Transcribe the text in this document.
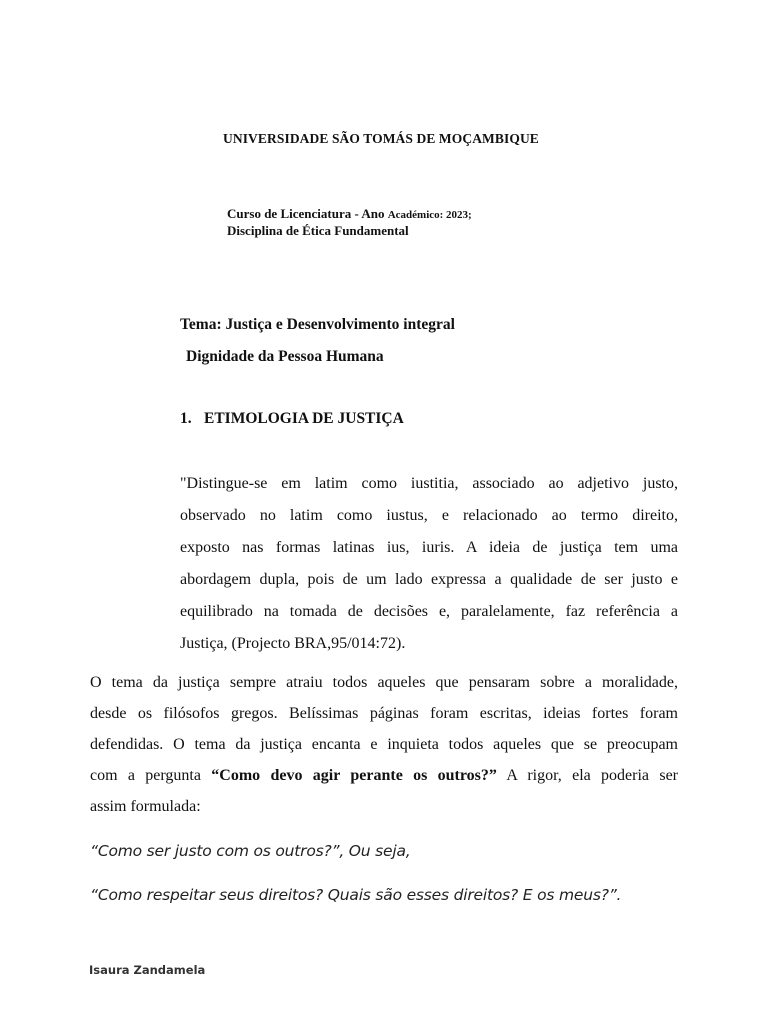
UNIVERSIDADE SÃO TOMÁS DE MOÇAMBIQUE
Curso de Licenciatura - Ano Académico: 2023;
Disciplina de Ética Fundamental
Tema: Justiça e Desenvolvimento integral
Dignidade da Pessoa Humana
1. ETIMOLOGIA DE JUSTIÇA
"Distingue-se em latim como iustitia, associado ao adjetivo justo,
observado no latim como iustus, e relacionado ao termo direito,
exposto nas formas latinas ius, iuris. A ideia de justiça tem uma
abordagem dupla, pois de um lado expressa a qualidade de ser justo e
equilibrado na tomada de decisões e, paralelamente, faz referência a
Justiça, (Projecto BRA,95/014:72).
O tema da justiça sempre atraiu todos aqueles que pensaram sobre a moralidade,
desde os filósofos gregos. Belíssimas páginas foram escritas, ideias fortes foram
defendidas. O tema da justiça encanta e inquieta todos aqueles que se preocupam
com a pergunta “Como devo agir perante os outros?” A rigor, ela poderia ser
assim formulada:
“Como ser justo com os outros?”, Ou seja,
“Como respeitar seus direitos? Quais são esses direitos? E os meus?”.
Isaura Zandamela
